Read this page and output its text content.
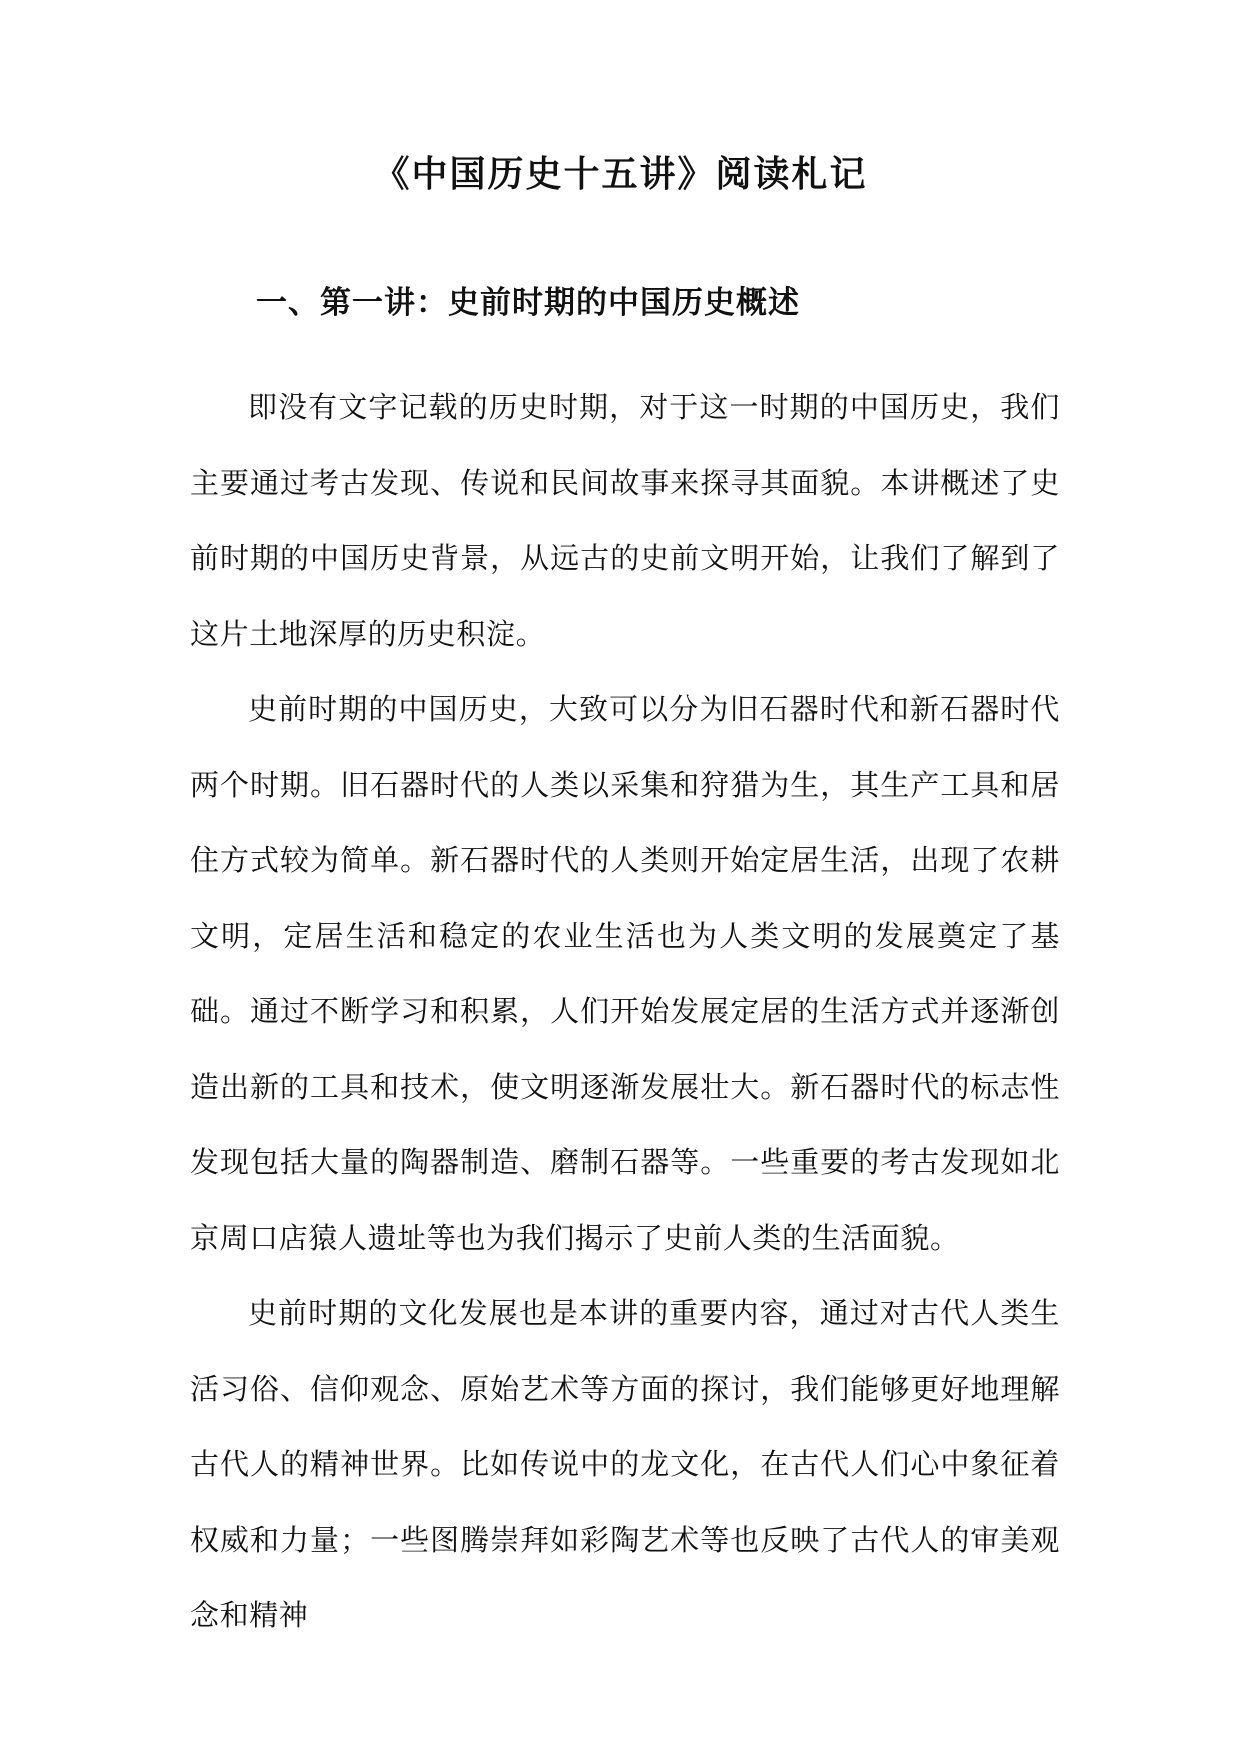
《中国历史十五讲》阅读札记
一、第一讲：史前时期的中国历史概述

即没有文字记载的历史时期，对于这一时期的中国历史，我们主要通过考古发现、传说和民间故事来探寻其面貌。本讲概述了史前时期的中国历史背景，从远古的史前文明开始，让我们了解到了这片土地深厚的历史积淀。

史前时期的中国历史，大致可以分为旧石器时代和新石器时代两个时期。旧石器时代的人类以采集和狩猎为生，其生产工具和居住方式较为简单。新石器时代的人类则开始定居生活，出现了农耕文明，定居生活和稳定的农业生活也为人类文明的发展奠定了基础。通过不断学习和积累，人们开始发展定居的生活方式并逐渐创造出新的工具和技术，使文明逐渐发展壮大。新石器时代的标志性发现包括大量的陶器制造、磨制石器等。一些重要的考古发现如北京周口店猿人遗址等也为我们揭示了史前人类的生活面貌。

史前时期的文化发展也是本讲的重要内容，通过对古代人类生活习俗、信仰观念、原始艺术等方面的探讨，我们能够更好地理解古代人的精神世界。比如传说中的龙文化，在古代人们心中象征着权威和力量；一些图腾崇拜如彩陶艺术等也反映了古代人的审美观念和精神
